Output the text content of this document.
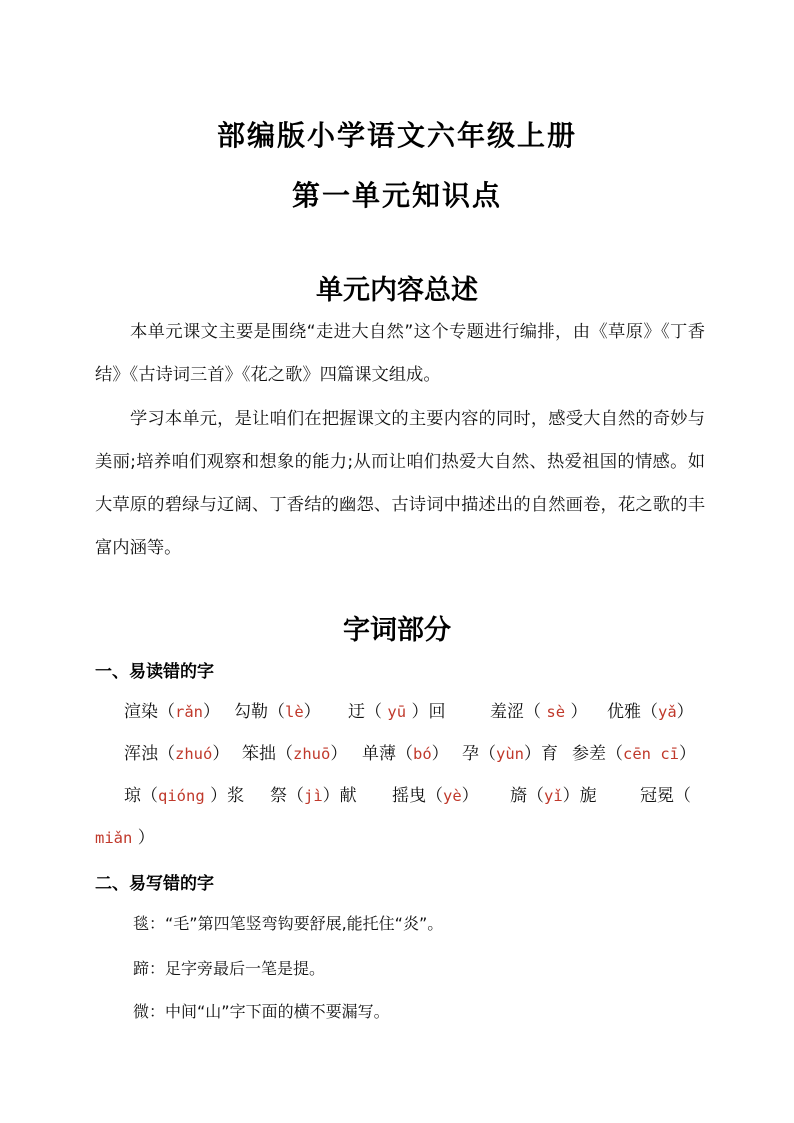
部编版小学语文六年级上册
第一单元知识点
单元内容总述
本单元课文主要是围绕“走进大自然”这个专题进行编排，由《草原》《丁香结》《古诗词三首》《花之歌》四篇课文组成。
学习本单元，是让咱们在把握课文的主要内容的同时，感受大自然的奇妙与美丽;培养咱们观察和想象的能力;从而让咱们热爱大自然、热爱祖国的情感。如大草原的碧绿与辽阔、丁香结的幽怨、古诗词中描述出的自然画卷，花之歌的丰富内涵等。
字词部分
一、易读错的字
渲染（rǎn） 勾勒（lè） 迂（ yū ）回	羞涩（ sè ） 优雅（yǎ）
浑浊（zhuó） 笨拙（zhuō） 单薄（bó） 孕（yùn）育 参差（cēn cī）
琼（qióng ）浆 祭（jì）献 摇曳（yè） 旖（yǐ）旎	冠冕（
miǎn ）
二、易写错的字
毯：“毛”第四笔竖弯钩要舒展,能托住“炎”。
蹄：足字旁最后一笔是提。
微：中间“山”字下面的横不要漏写。
